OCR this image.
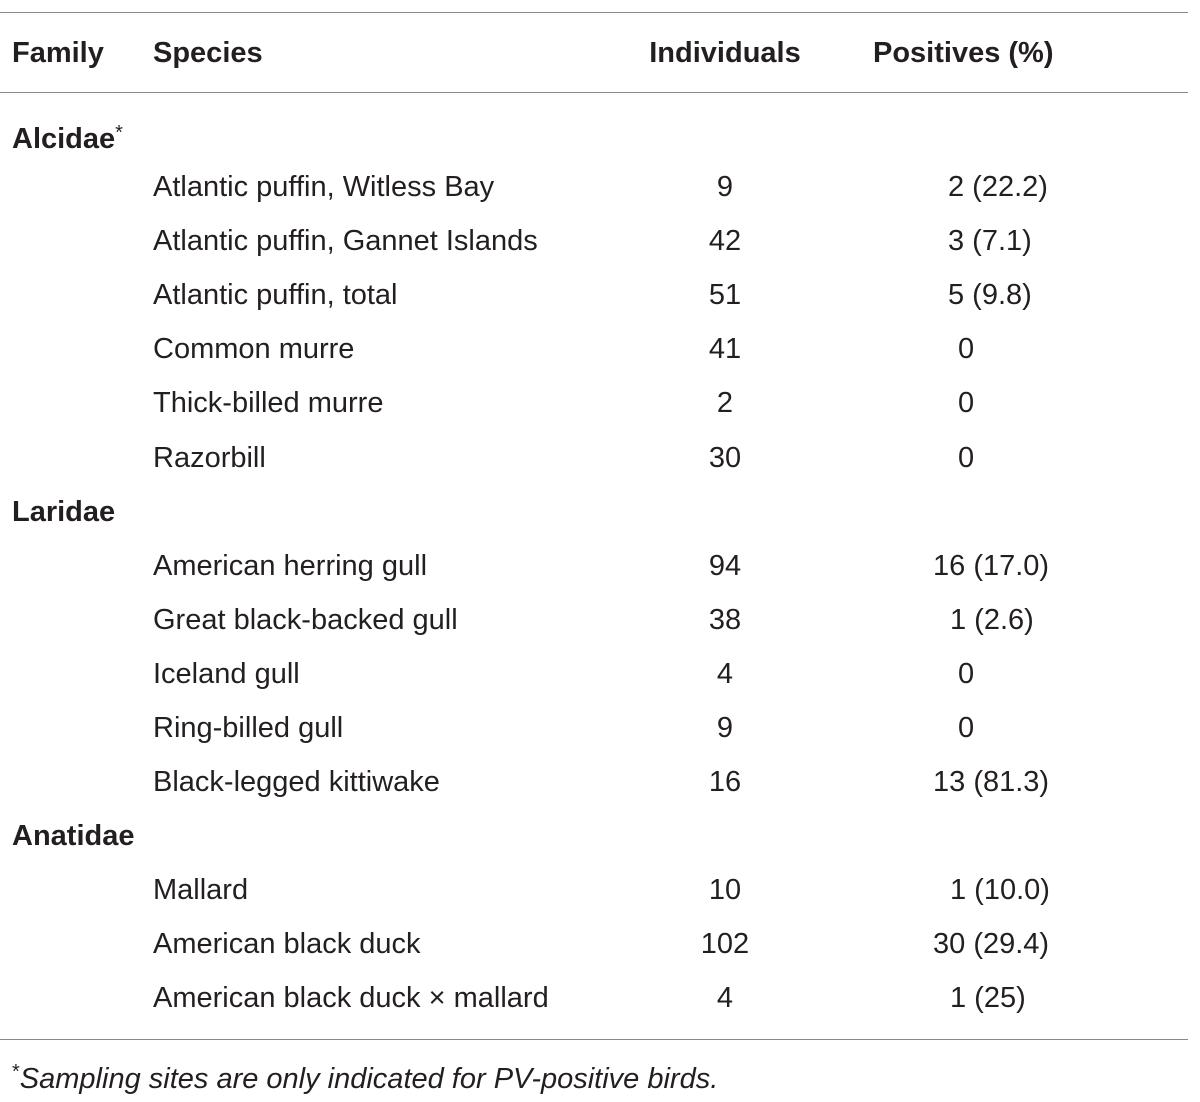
Family Species	Individuals	Positives (%)
Alcidae*
Atlantic puffin, Witless Bay	9	2 (22.2)
Atlantic puffin, Gannet Islands	42	3 (7.1)
Atlantic puffin, total	51	5 (9.8)
Common murre	41	0
Thick-billed murre	2	0
Razorbill	30	0
Laridae
American herring gull	94	16 (17.0)
Great black-backed gull	38	1 (2.6)
Iceland gull	4	0
Ring-billed gull	9	0
Black-legged kittiwake	16	13 (81.3)
Anatidae
Mallard	10	1 (10.0)
American black duck	102	30 (29.4)
American black duck × mallard	4	1 (25)
*Sampling sites are only indicated for PV-positive birds.
